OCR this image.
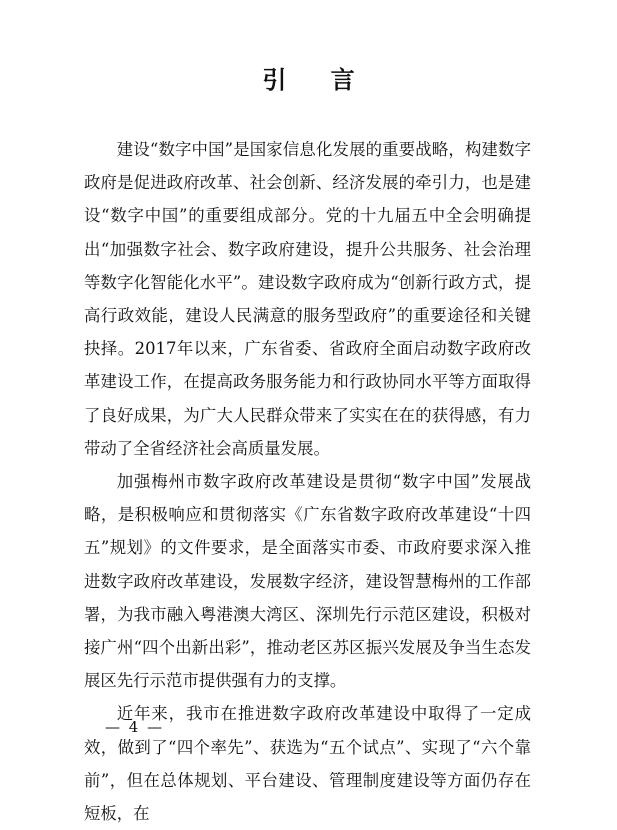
引 言

建设“数字中国”是国家信息化发展的重要战略，构建数字政府是促进政府改革、社会创新、经济发展的牵引力，也是建设“数字中国”的重要组成部分。党的十九届五中全会明确提出“加强数字社会、数字政府建设，提升公共服务、社会治理等数字化智能化水平”。建设数字政府成为“创新行政方式，提高行政效能，建设人民满意的服务型政府”的重要途径和关键抉择。2017年以来，广东省委、省政府全面启动数字政府改革建设工作，在提高政务服务能力和行政协同水平等方面取得了良好成果，为广大人民群众带来了实实在在的获得感，有力带动了全省经济社会高质量发展。

加强梅州市数字政府改革建设是贯彻“数字中国”发展战略，是积极响应和贯彻落实《广东省数字政府改革建设“十四五”规划》的文件要求，是全面落实市委、市政府要求深入推进数字政府改革建设，发展数字经济，建设智慧梅州的工作部署，为我市融入粤港澳大湾区、深圳先行示范区建设，积极对接广州“四个出新出彩”，推动老区苏区振兴发展及争当生态发展区先行示范市提供强有力的支撑。

近年来，我市在推进数字政府改革建设中取得了一定成效，做到了“四个率先”、获选为“五个试点”、实现了“六个靠前”，但在总体规划、平台建设、管理制度建设等方面仍存在短板，在

— 4 —
